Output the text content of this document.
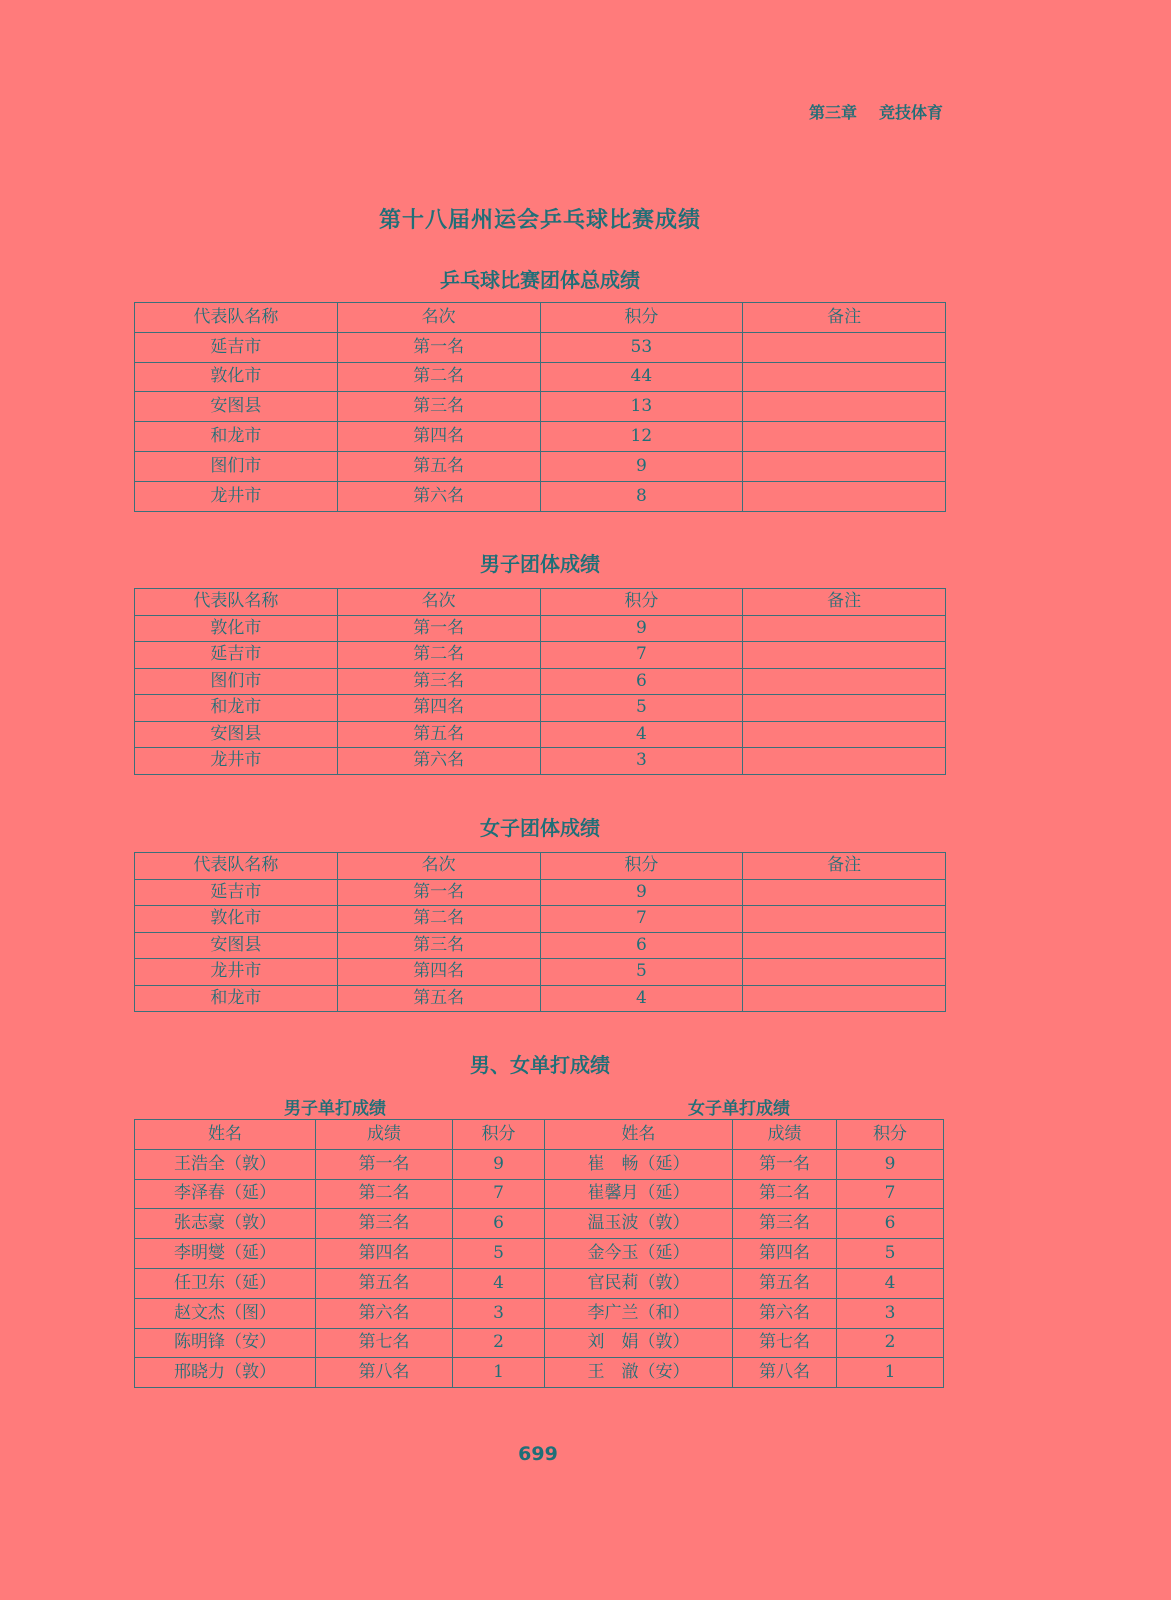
第三章 竞技体育
第十八届州运会乒乓球比赛成绩
乒乓球比赛团体总成绩
代表队名称	名次	积分	备注
延吉市	第一名	53	
敦化市	第二名	44	
安图县	第三名	13	
和龙市	第四名	12	
图们市	第五名	9	
龙井市	第六名	8	
男子团体成绩
代表队名称	名次	积分	备注
敦化市	第一名	9	
延吉市	第二名	7	
图们市	第三名	6	
和龙市	第四名	5	
安图县	第五名	4	
龙井市	第六名	3	
女子团体成绩
代表队名称	名次	积分	备注
延吉市	第一名	9	
敦化市	第二名	7	
安图县	第三名	6	
龙井市	第四名	5	
和龙市	第五名	4	
男、女单打成绩
男子单打成绩	女子单打成绩
姓名	成绩	积分	姓名	成绩	积分
王浩全（敦）	第一名	9	崔　畅（延）	第一名	9
李泽春（延）	第二名	7	崔馨月（延）	第二名	7
张志豪（敦）	第三名	6	温玉波（敦）	第三名	6
李明燮（延）	第四名	5	金今玉（延）	第四名	5
任卫东（延）	第五名	4	官民莉（敦）	第五名	4
赵文杰（图）	第六名	3	李广兰（和）	第六名	3
陈明锋（安）	第七名	2	刘　娟（敦）	第七名	2
邢晓力（敦）	第八名	1	王　澈（安）	第八名	1
699
